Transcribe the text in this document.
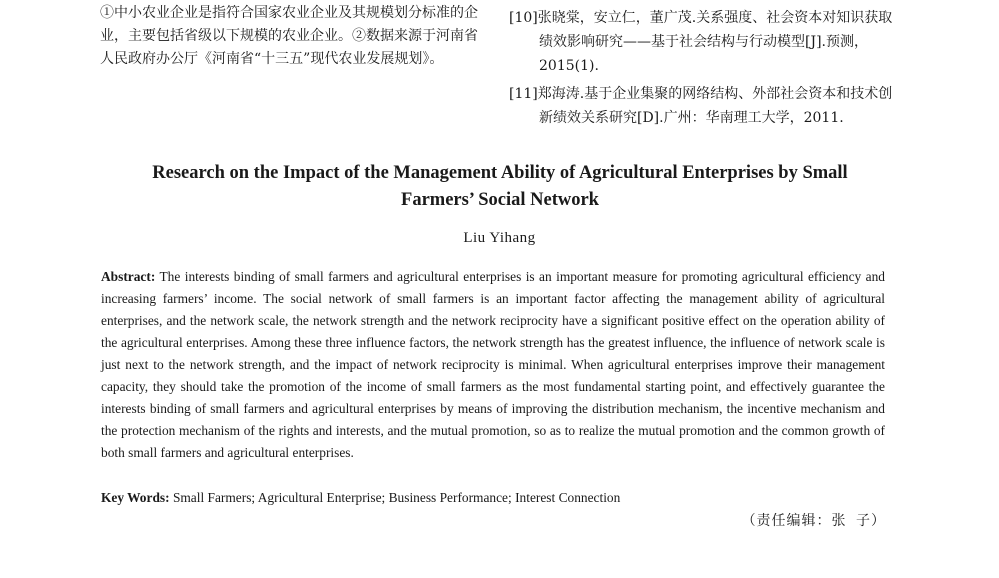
①中小农业企业是指符合国家农业企业及其规模划分标准的企业，主要包括省级以下规模的农业企业。②数据来源于河南省人民政府办公厅《河南省“十三五”现代农业发展规划》。
[10]张晓棠，安立仁，董广茂.关系强度、社会资本对知识获取绩效影响研究——基于社会结构与行动模型[J].预测，2015(1).
[11]郑海涛.基于企业集聚的网络结构、外部社会资本和技术创新绩效关系研究[D].广州：华南理工大学，2011.
Research on the Impact of the Management Ability of Agricultural Enterprises by Small
Farmers’ Social Network
Liu Yihang
Abstract: The interests binding of small farmers and agricultural enterprises is an important measure for promoting agricultural efficiency and increasing farmers’ income. The social network of small farmers is an important factor affecting the management ability of agricultural enterprises, and the network scale, the network strength and the network reciprocity have a significant positive effect on the operation ability of the agricultural enterprises. Among these three influence factors, the network strength has the greatest influence, the influence of network scale is just next to the network strength, and the impact of network reciprocity is minimal. When agricultural enterprises improve their management capacity, they should take the promotion of the income of small farmers as the most fundamental starting point, and effectively guarantee the interests binding of small farmers and agricultural enterprises by means of improving the distribution mechanism, the incentive mechanism and the protection mechanism of the rights and interests, and the mutual promotion, so as to realize the mutual promotion and the common growth of both small farmers and agricultural enterprises.
Key Words: Small Farmers; Agricultural Enterprise; Business Performance; Interest Connection
（责任编辑：张 子）
